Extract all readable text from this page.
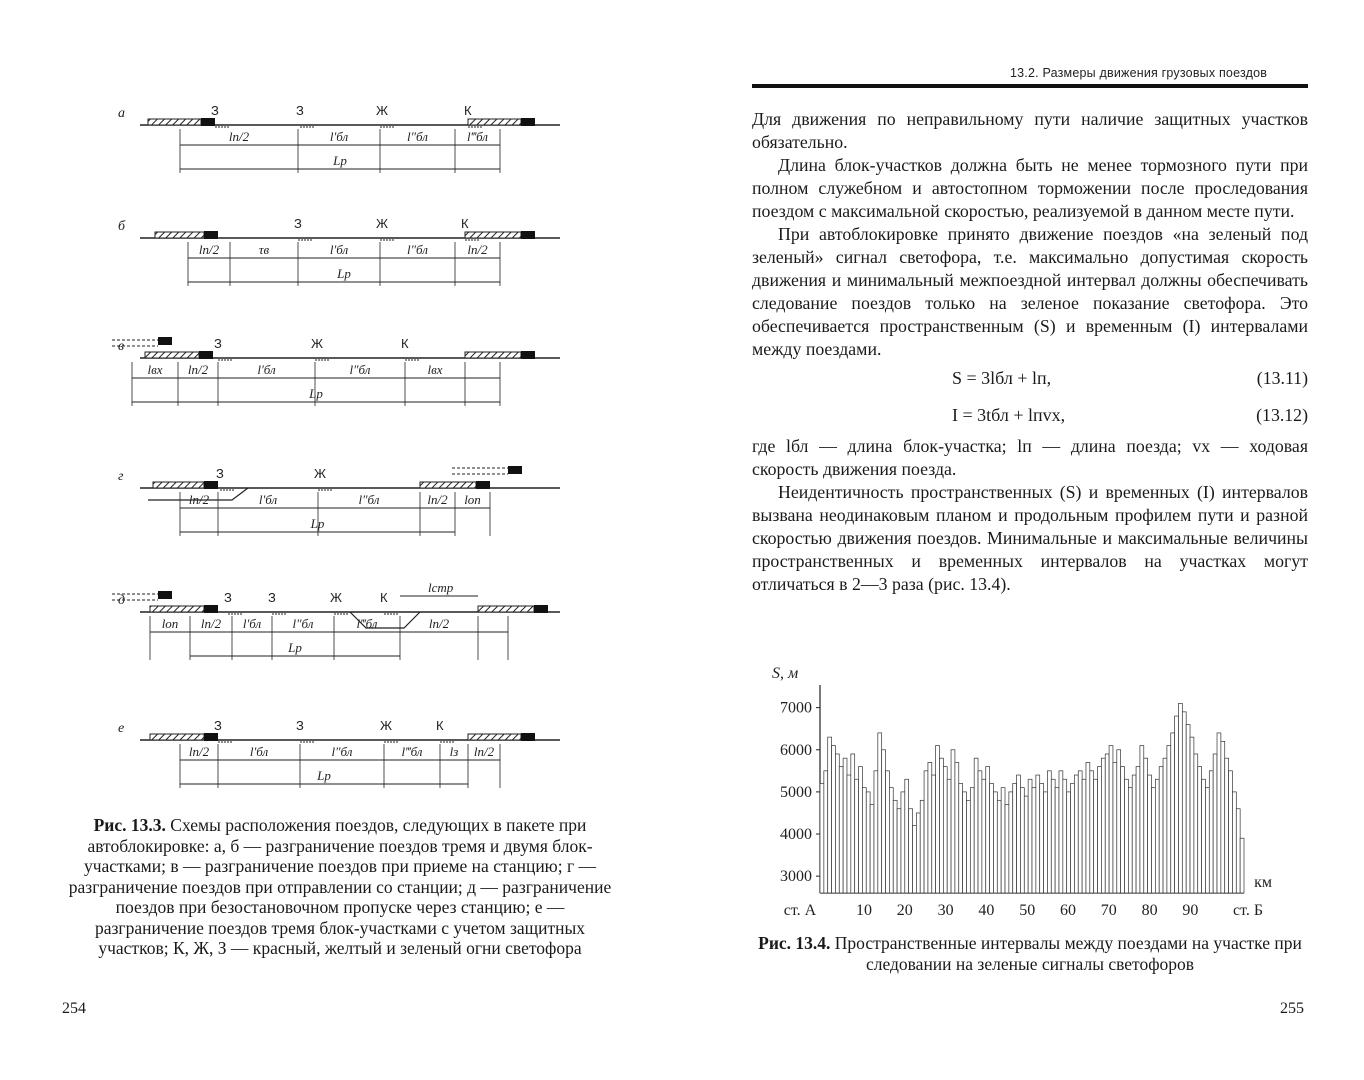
а	З	З	Ж	К
lп/2	l′бл	l″бл	l‴бл
Lр
б	З	Ж	К
lп/2	τв	l′бл	l″бл	lп/2
Lр
в	З	Ж	К
lвх lп/2	l′бл	l″бл	lвх
Lр
г	З	Ж
lп/2	l′бл	l″бл	lп/2 lоп
Lр
д
lстр
З	З	Ж	К
lоп lп/2 l′бл l″бл	l‴бл	lп/2
Lр
е	З	З	Ж	К
lп/2	l′бл	l″бл	l‴бл lз lп/2
Lр
Рис. 13.3. Схемы расположения поездов, следующих в пакете при автоблокировке: а, б — разграничение поездов тремя и двумя блок-участками; в — разграничение поездов при приеме на станцию; г — разграничение поездов при отправлении со станции; д — разграничение поездов при безостановочном пропуске через станцию; е — разграничение поездов тремя блок-участками с учетом защитных участков; К, Ж, З — красный, желтый и зеленый огни светофора
254
13.2. Размеры движения грузовых поездов

Для движения по неправильному пути наличие защитных участков обязательно.

Длина блок-участков должна быть не менее тормозного пути при полном служебном и автостопном торможении после проследования поездом с максимальной скоростью, реализуемой в данном месте пути.

При автоблокировке принято движение поездов «на зеленый под зеленый» сигнал светофора, т.е. максимально допустимая скорость движения и минимальный межпоездной интервал должны обеспечивать следование поездов только на зеленое показание светофора. Это обеспечивается пространственным (S) и временным (I) интервалами между поездами.

S = 3lбл + lп,	(13.11)
I = 3tбл + lпvх,	(13.12)

где lбл — длина блок-участка; lп — длина поезда; vх — ходовая скорость движения поезда.

Неидентичность пространственных (S) и временных (I) интервалов вызвана неодинаковым планом и продольным профилем пути и разной скоростью движения поездов. Минимальные и максимальные величины пространственных и временных интервалов на участках могут отличаться в 2—3 раза (рис. 13.4).

S, м
7000
6000
5000
4000
3000
ст. А 10 20 30 40 50 60 70 80 90 ст. Б
км
Рис. 13.4. Пространственные интервалы между поездами на участке при следовании на зеленые сигналы светофоров
255
